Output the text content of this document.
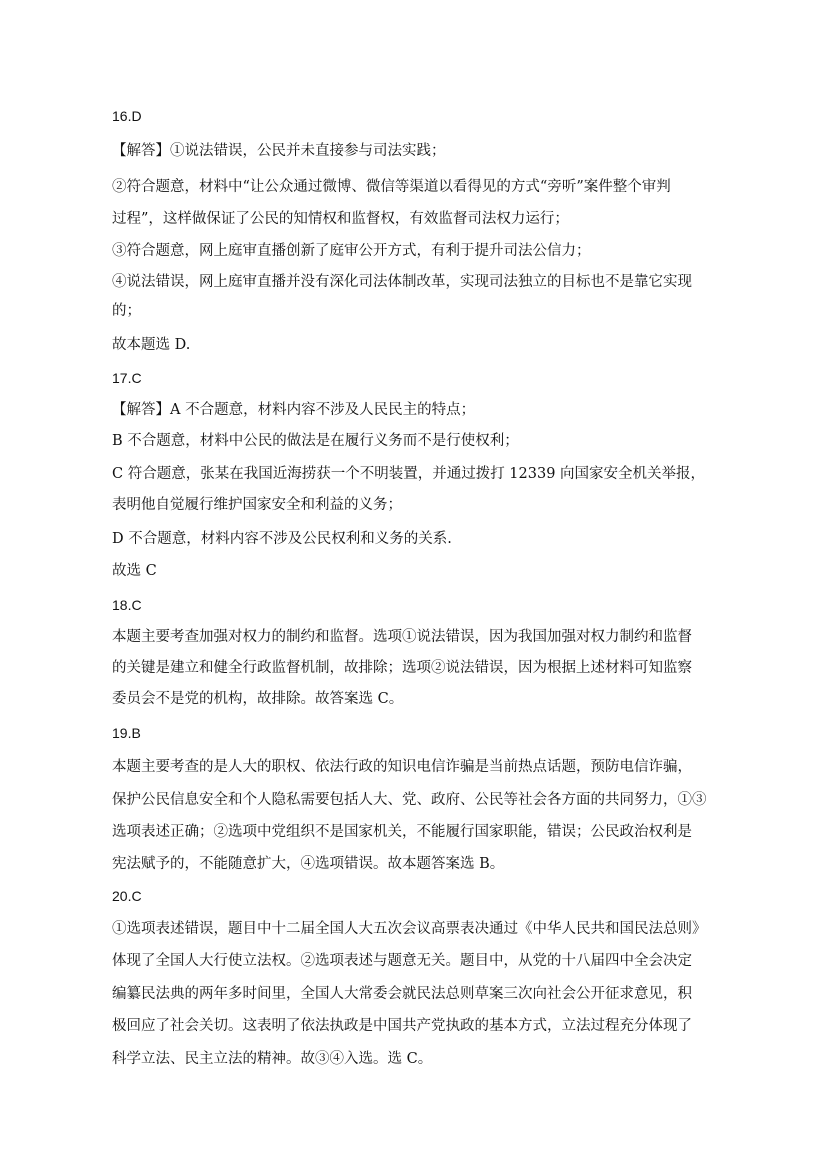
16.D
【解答】①说法错误，公民并未直接参与司法实践；
②符合题意，材料中“让公众通过微博、微信等渠道以看得见的方式“旁听”案件整个审判
过程”，这样做保证了公民的知情权和监督权，有效监督司法权力运行；
③符合题意，网上庭审直播创新了庭审公开方式，有利于提升司法公信力；
④说法错误，网上庭审直播并没有深化司法体制改革，实现司法独立的目标也不是靠它实现
的；
故本题选 D.
17.C
【解答】A 不合题意，材料内容不涉及人民民主的特点；
B 不合题意，材料中公民的做法是在履行义务而不是行使权利；
C 符合题意，张某在我国近海捞获一个不明装置，并通过拨打 12339 向国家安全机关举报，
表明他自觉履行维护国家安全和利益的义务；
D 不合题意，材料内容不涉及公民权利和义务的关系.
故选 C
18.C
本题主要考查加强对权力的制约和监督。选项①说法错误，因为我国加强对权力制约和监督
的关键是建立和健全行政监督机制，故排除；选项②说法错误，因为根据上述材料可知监察
委员会不是党的机构，故排除。故答案选 C。
19.B
本题主要考查的是人大的职权、依法行政的知识电信诈骗是当前热点话题，预防电信诈骗，
保护公民信息安全和个人隐私需要包括人大、党、政府、公民等社会各方面的共同努力，①③
选项表述正确；②选项中党组织不是国家机关，不能履行国家职能，错误；公民政治权利是
宪法赋予的，不能随意扩大，④选项错误。故本题答案选 B。
20.C
①选项表述错误，题目中十二届全国人大五次会议高票表决通过《中华人民共和国民法总则》
体现了全国人大行使立法权。②选项表述与题意无关。题目中，从党的十八届四中全会决定
编纂民法典的两年多时间里，全国人大常委会就民法总则草案三次向社会公开征求意见，积
极回应了社会关切。这表明了依法执政是中国共产党执政的基本方式，立法过程充分体现了
科学立法、民主立法的精神。故③④入选。选 C。
